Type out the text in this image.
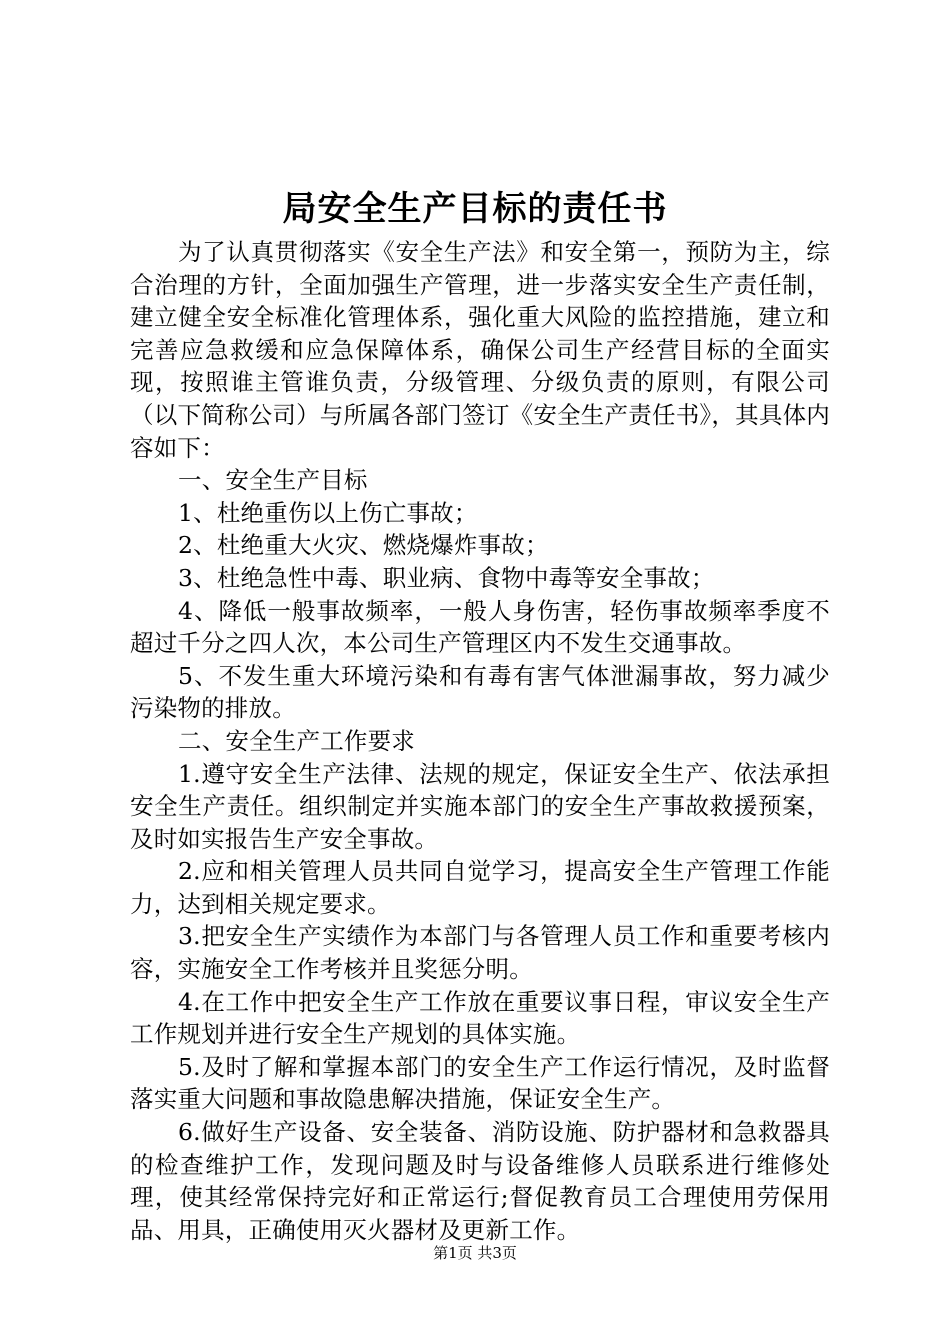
局安全生产目标的责任书

为了认真贯彻落实《安全生产法》和安全第一，预防为主，综合治理的方针，全面加强生产管理，进一步落实安全生产责任制，建立健全安全标准化管理体系，强化重大风险的监控措施，建立和完善应急救缓和应急保障体系，确保公司生产经营目标的全面实现，按照谁主管谁负责，分级管理、分级负责的原则，有限公司（以下简称公司）与所属各部门签订《安全生产责任书》，其具体内容如下：

一、安全生产目标

1、杜绝重伤以上伤亡事故；

2、杜绝重大火灾、燃烧爆炸事故；

3、杜绝急性中毒、职业病、食物中毒等安全事故；

4、降低一般事故频率，一般人身伤害，轻伤事故频率季度不超过千分之四人次，本公司生产管理区内不发生交通事故。

5、不发生重大环境污染和有毒有害气体泄漏事故，努力减少污染物的排放。

二、安全生产工作要求

1.遵守安全生产法律、法规的规定，保证安全生产、依法承担安全生产责任。组织制定并实施本部门的安全生产事故救援预案，及时如实报告生产安全事故。

2.应和相关管理人员共同自觉学习，提高安全生产管理工作能力，达到相关规定要求。

3.把安全生产实绩作为本部门与各管理人员工作和重要考核内容，实施安全工作考核并且奖惩分明。

4.在工作中把安全生产工作放在重要议事日程，审议安全生产工作规划并进行安全生产规划的具体实施。

5.及时了解和掌握本部门的安全生产工作运行情况，及时监督落实重大问题和事故隐患解决措施，保证安全生产。

6.做好生产设备、安全装备、消防设施、防护器材和急救器具的检查维护工作，发现问题及时与设备维修人员联系进行维修处理，使其经常保持完好和正常运行;督促教育员工合理使用劳保用品、用具，正确使用灭火器材及更新工作。

第1页 共3页
